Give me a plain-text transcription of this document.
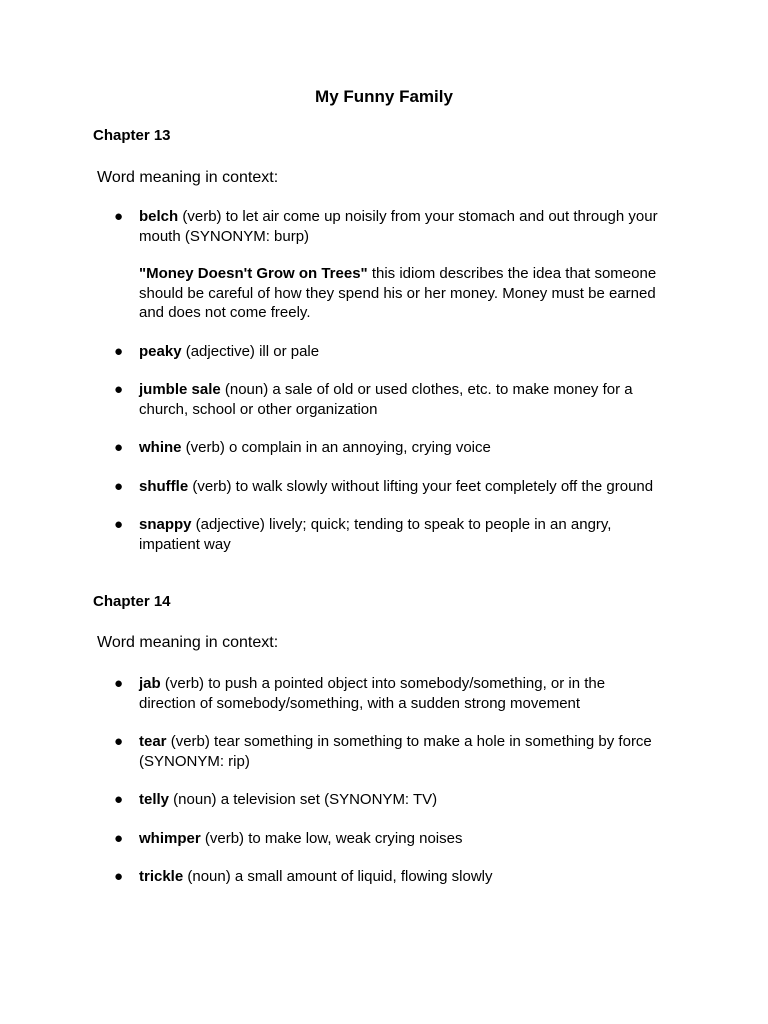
My Funny Family
Chapter 13
Word meaning in context:
● belch (verb) to let air come up noisily from your stomach and out through your
mouth (SYNONYM: burp)
"Money Doesn't Grow on Trees" this idiom describes the idea that someone
should be careful of how they spend his or her money. Money must be earned
and does not come freely.
● peaky (adjective) ill or pale
● jumble sale (noun) a sale of old or used clothes, etc. to make money for a
church, school or other organization
● whine (verb) o complain in an annoying, crying voice
● shuffle (verb) to walk slowly without lifting your feet completely off the ground
● snappy (adjective) lively; quick; tending to speak to people in an angry,
impatient way
Chapter 14
Word meaning in context:
● jab (verb) to push a pointed object into somebody/something, or in the
direction of somebody/something, with a sudden strong movement
● tear (verb) tear something in something to make a hole in something by force
(SYNONYM: rip)
● telly (noun) a television set (SYNONYM: TV)
● whimper (verb) to make low, weak crying noises
● trickle (noun) a small amount of liquid, flowing slowly
